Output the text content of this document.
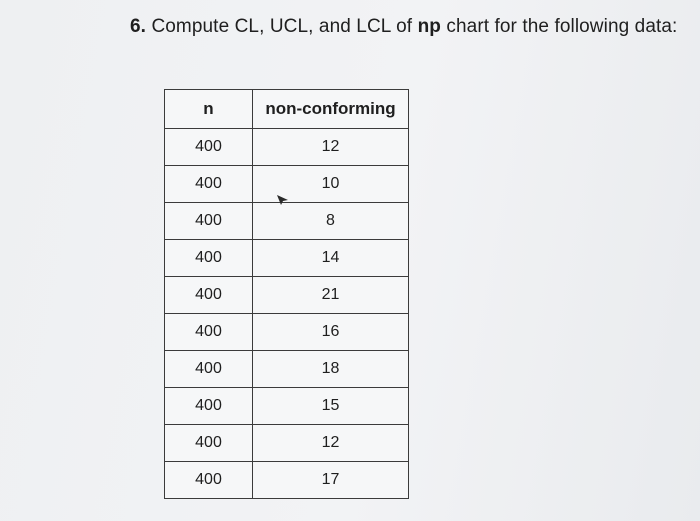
6. Compute CL, UCL, and LCL of np chart for the following data:
n	non-conforming
400	12
400	10
400	8
400	14
400	21
400	16
400	18
400	15
400	12
400	17
